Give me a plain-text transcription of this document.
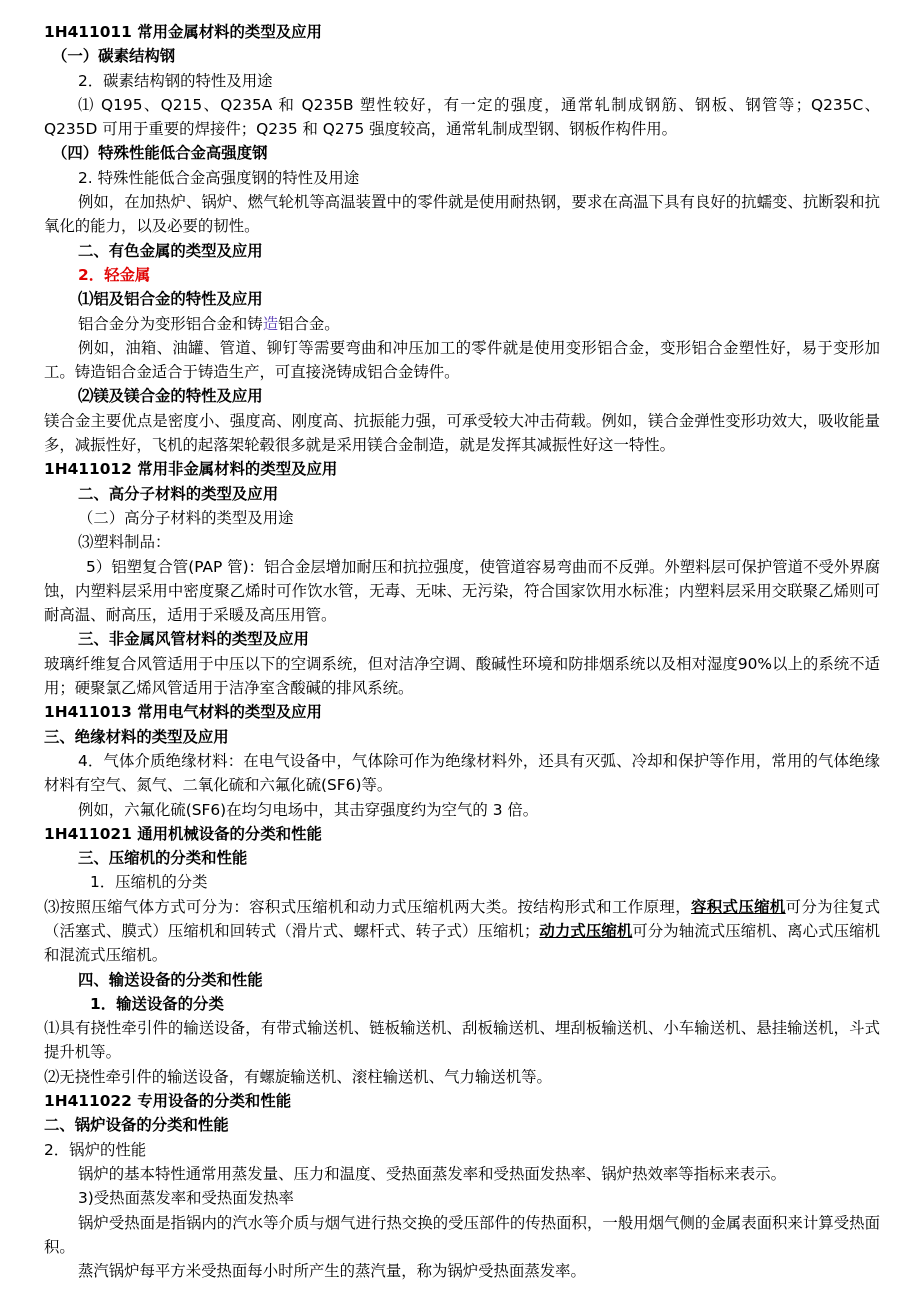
1H411011 常用金属材料的类型及应用

（一）碳素结构钢

2．碳素结构钢的特性及用途

⑴ Q195、Q215、Q235A 和 Q235B 塑性较好，有一定的强度，通常轧制成钢筋、钢板、钢管等；Q235C、Q235D 可用于重要的焊接件；Q235 和 Q275 强度较高，通常轧制成型钢、钢板作构件用。

（四）特殊性能低合金高强度钢

2. 特殊性能低合金高强度钢的特性及用途

例如，在加热炉、锅炉、燃气轮机等高温装置中的零件就是使用耐热钢，要求在高温下具有良好的抗蠕变、抗断裂和抗氧化的能力，以及必要的韧性。

二、有色金属的类型及应用

2．轻金属

⑴铝及铝合金的特性及应用

铝合金分为变形铝合金和铸造铝合金。

例如，油箱、油罐、管道、铆钉等需要弯曲和冲压加工的零件就是使用变形铝合金，变形铝合金塑性好，易于变形加工。铸造铝合金适合于铸造生产，可直接浇铸成铝合金铸件。

⑵镁及镁合金的特性及应用

镁合金主要优点是密度小、强度高、刚度高、抗振能力强，可承受较大冲击荷载。例如，镁合金弹性变形功效大，吸收能量多，减振性好，飞机的起落架轮毂很多就是采用镁合金制造，就是发挥其减振性好这一特性。

1H411012 常用非金属材料的类型及应用

二、高分子材料的类型及应用

（二）高分子材料的类型及用途

⑶塑料制品：

5）铝塑复合管(PAP 管)：铝合金层增加耐压和抗拉强度，使管道容易弯曲而不反弹。外塑料层可保护管道不受外界腐蚀，内塑料层采用中密度聚乙烯时可作饮水管，无毒、无味、无污染，符合国家饮用水标准；内塑料层采用交联聚乙烯则可耐高温、耐高压，适用于采暖及高压用管。

三、非金属风管材料的类型及应用

玻璃纤维复合风管适用于中压以下的空调系统，但对洁净空调、酸碱性环境和防排烟系统以及相对湿度90%以上的系统不适用；硬聚氯乙烯风管适用于洁净室含酸碱的排风系统。

1H411013 常用电气材料的类型及应用

三、绝缘材料的类型及应用

4．气体介质绝缘材料：在电气设备中，气体除可作为绝缘材料外，还具有灭弧、冷却和保护等作用，常用的气体绝缘材料有空气、氮气、二氧化硫和六氟化硫(SF6)等。

例如，六氟化硫(SF6)在均匀电场中，其击穿强度约为空气的 3 倍。

1H411021 通用机械设备的分类和性能

三、压缩机的分类和性能

1．压缩机的分类

⑶按照压缩气体方式可分为：容积式压缩机和动力式压缩机两大类。按结构形式和工作原理，容积式压缩机可分为往复式（活塞式、膜式）压缩机和回转式（滑片式、螺杆式、转子式）压缩机；动力式压缩机可分为轴流式压缩机、离心式压缩机和混流式压缩机。

四、输送设备的分类和性能

1．输送设备的分类

⑴具有挠性牵引件的输送设备，有带式输送机、链板输送机、刮板输送机、埋刮板输送机、小车输送机、悬挂输送机，斗式提升机等。

⑵无挠性牵引件的输送设备，有螺旋输送机、滚柱输送机、气力输送机等。

1H411022 专用设备的分类和性能

二、锅炉设备的分类和性能

2．锅炉的性能

锅炉的基本特性通常用蒸发量、压力和温度、受热面蒸发率和受热面发热率、锅炉热效率等指标来表示。

3)受热面蒸发率和受热面发热率

锅炉受热面是指锅内的汽水等介质与烟气进行热交换的受压部件的传热面积，一般用烟气侧的金属表面积来计算受热面积。

蒸汽锅炉每平方米受热面每小时所产生的蒸汽量，称为锅炉受热面蒸发率。
